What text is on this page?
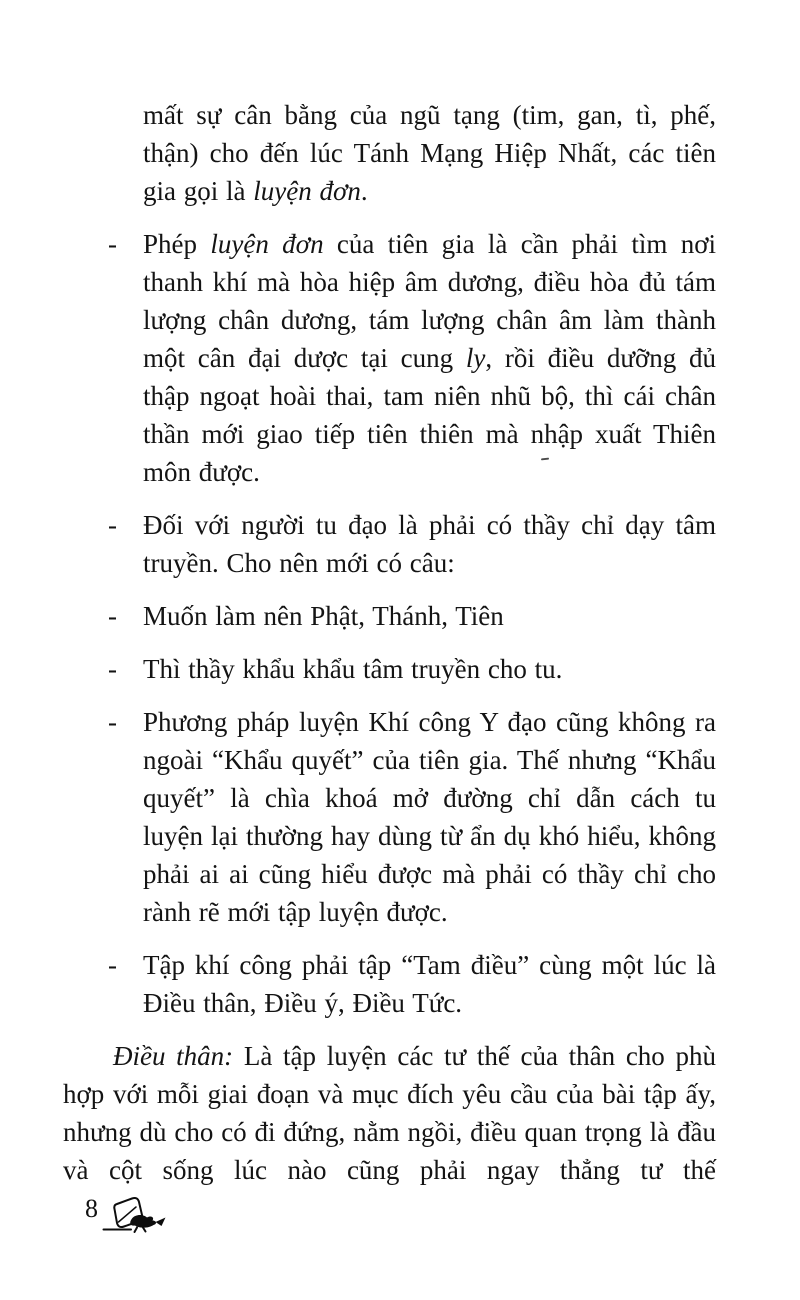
mất sự cân bằng của ngũ tạng (tim, gan, tì, phế, thận) cho đến lúc Tánh Mạng Hiệp Nhất, các tiên gia gọi là luyện đơn.
- Phép luyện đơn của tiên gia là cần phải tìm nơi thanh khí mà hòa hiệp âm dương, điều hòa đủ tám lượng chân dương, tám lượng chân âm làm thành một cân đại dược tại cung ly, rồi điều dưỡng đủ thập ngoạt hoài thai, tam niên nhũ bộ, thì cái chân thần mới giao tiếp tiên thiên mà nhập xuất Thiên môn được.
- Đối với người tu đạo là phải có thầy chỉ dạy tâm truyền. Cho nên mới có câu:
- Muốn làm nên Phật, Thánh, Tiên
- Thì thầy khẩu khẩu tâm truyền cho tu.
- Phương pháp luyện Khí công Y đạo cũng không ra ngoài “Khẩu quyết” của tiên gia. Thế nhưng “Khẩu quyết” là chìa khoá mở đường chỉ dẫn cách tu luyện lại thường hay dùng từ ẩn dụ khó hiểu, không phải ai ai cũng hiểu được mà phải có thầy chỉ cho rành rẽ mới tập luyện được.
- Tập khí công phải tập “Tam điều” cùng một lúc là Điều thân, Điều ý, Điều Tức.
Điều thân: Là tập luyện các tư thế của thân cho phù hợp với mỗi giai đoạn và mục đích yêu cầu của bài tập ấy, nhưng dù cho có đi đứng, nằm ngồi, điều quan trọng là đầu và cột sống lúc nào cũng phải ngay thẳng tư thế
8
